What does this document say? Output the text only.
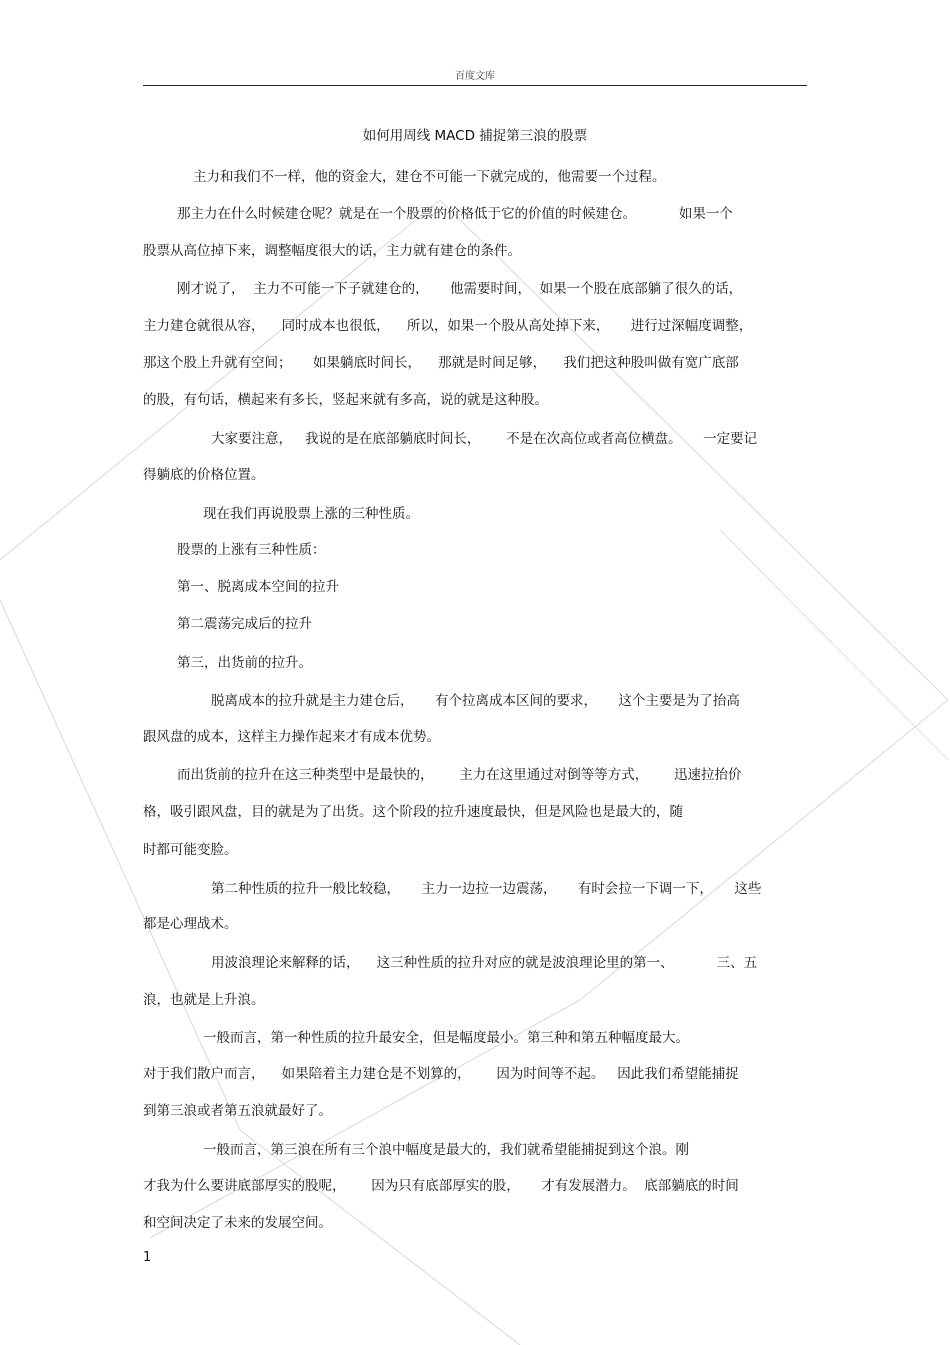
百度文库
如何用周线 MACD 捕捉第三浪的股票
主力和我们不一样，他的资金大，建仓不可能一下就完成的，他需要一个过程。
那主力在什么时候建仓呢？就是在一个股票的价格低于它的价值的时候建仓。          如果一个
股票从高位掉下来，调整幅度很大的话，主力就有建仓的条件。
刚才说了，  主力不可能一下子就建仓的，     他需要时间，  如果一个股在底部躺了很久的话，
主力建仓就很从容，    同时成本也很低，    所以，如果一个股从高处掉下来，     进行过深幅度调整，
那这个股上升就有空间；     如果躺底时间长，    那就是时间足够，    我们把这种股叫做有宽广底部
的股，有句话，横起来有多长，竖起来就有多高，说的就是这种股。
大家要注意，   我说的是在底部躺底时间长，      不是在次高位或者高位横盘。     一定要记
得躺底的价格位置。
现在我们再说股票上涨的三种性质。
股票的上涨有三种性质：
第一、脱离成本空间的拉升
第二震荡完成后的拉升
第三，出货前的拉升。
脱离成本的拉升就是主力建仓后，     有个拉离成本区间的要求，     这个主要是为了抬高
跟风盘的成本，这样主力操作起来才有成本优势。
而出货前的拉升在这三种类型中是最快的，      主力在这里通过对倒等等方式，      迅速拉抬价
格，吸引跟风盘，目的就是为了出货。这个阶段的拉升速度最快，但是风险也是最大的，随
时都可能变脸。
第二种性质的拉升一般比较稳，     主力一边拉一边震荡，     有时会拉一下调一下，     这些
都是心理战术。
用波浪理论来解释的话，    这三种性质的拉升对应的就是波浪理论里的第一、          三、五
浪，也就是上升浪。
一般而言，第一种性质的拉升最安全，但是幅度最小。第三种和第五种幅度最大。
对于我们散户而言，    如果陪着主力建仓是不划算的，      因为时间等不起。   因此我们希望能捕捉
到第三浪或者第五浪就最好了。
一般而言，第三浪在所有三个浪中幅度是最大的，我们就希望能捕捉到这个浪。刚
才我为什么要讲底部厚实的股呢，      因为只有底部厚实的股，     才有发展潜力。  底部躺底的时间
和空间决定了未来的发展空间。
1
